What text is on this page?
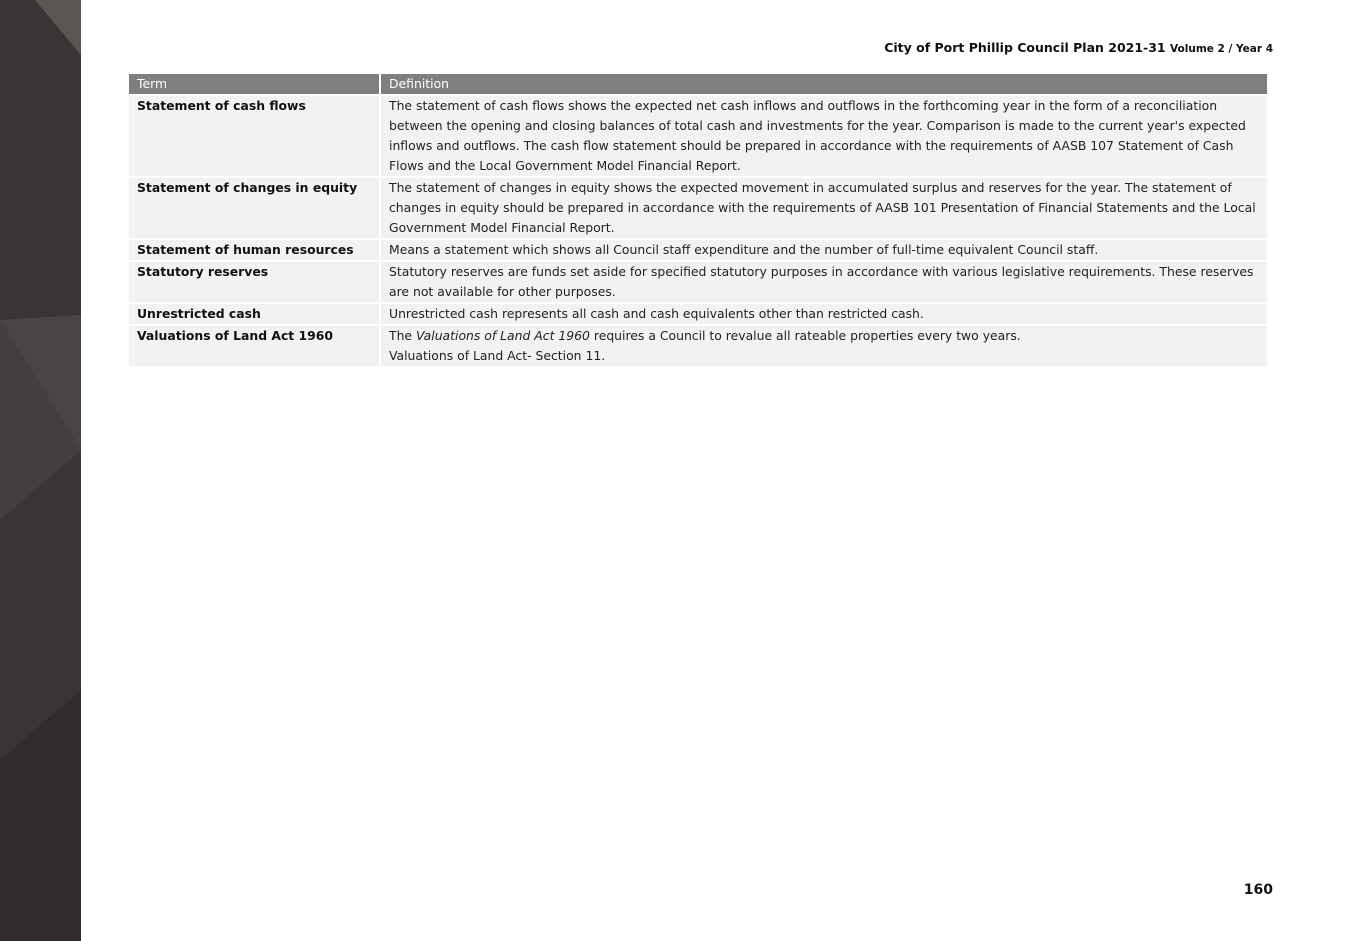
City of Port Phillip Council Plan 2021-31 Volume 2 / Year 4
Term	Definition
Statement of cash flows	The statement of cash flows shows the expected net cash inflows and outflows in the forthcoming year in the form of a reconciliation between the opening and closing balances of total cash and investments for the year. Comparison is made to the current year's expected inflows and outflows. The cash flow statement should be prepared in accordance with the requirements of AASB 107 Statement of Cash Flows and the Local Government Model Financial Report.
Statement of changes in equity	The statement of changes in equity shows the expected movement in accumulated surplus and reserves for the year. The statement of changes in equity should be prepared in accordance with the requirements of AASB 101 Presentation of Financial Statements and the Local Government Model Financial Report.
Statement of human resources	Means a statement which shows all Council staff expenditure and the number of full-time equivalent Council staff.
Statutory reserves	Statutory reserves are funds set aside for specified statutory purposes in accordance with various legislative requirements. These reserves are not available for other purposes.
Unrestricted cash	Unrestricted cash represents all cash and cash equivalents other than restricted cash.
Valuations of Land Act 1960	The Valuations of Land Act 1960 requires a Council to revalue all rateable properties every two years.
Valuations of Land Act- Section 11.
160
